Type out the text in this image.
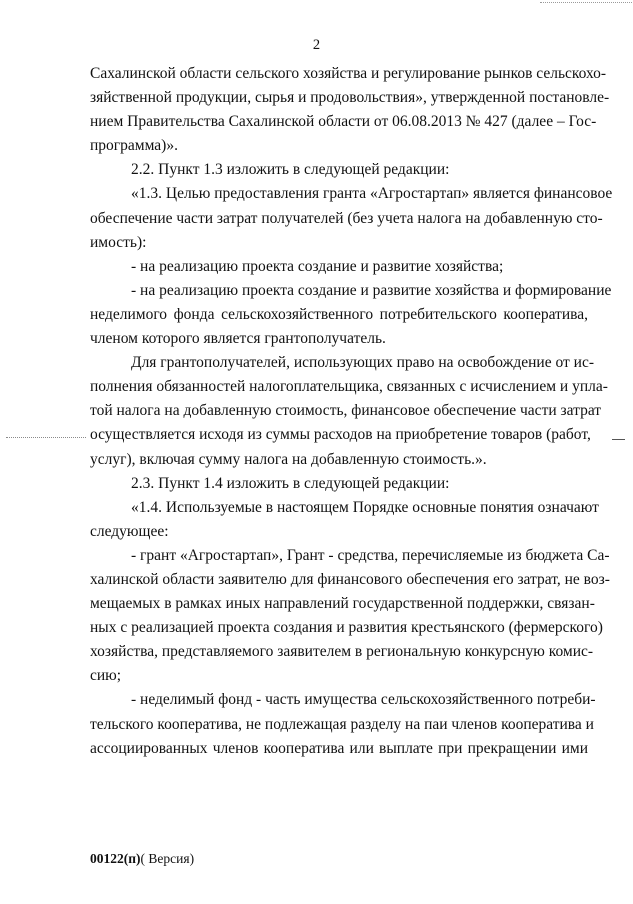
2
Сахалинской области сельского хозяйства и регулирование рынков сельскохо-
зяйственной продукции, сырья и продовольствия», утвержденной постановле-
нием Правительства Сахалинской области от 06.08.2013 № 427 (далее – Гос-
программа)».
2.2. Пункт 1.3 изложить в следующей редакции:
«1.3. Целью предоставления гранта «Агростартап» является финансовое
обеспечение части затрат получателей (без учета налога на добавленную сто-
имость):
- на реализацию проекта создание и развитие хозяйства;
- на реализацию проекта создание и развитие хозяйства и формирование
неделимого фонда сельскохозяйственного потребительского кооператива,
членом которого является грантополучатель.
Для грантополучателей, использующих право на освобождение от ис-
полнения обязанностей налогоплательщика, связанных с исчислением и упла-
той налога на добавленную стоимость, финансовое обеспечение части затрат
осуществляется исходя из суммы расходов на приобретение товаров (работ,
услуг), включая сумму налога на добавленную стоимость.».
2.3. Пункт 1.4 изложить в следующей редакции:
«1.4. Используемые в настоящем Порядке основные понятия означают
следующее:
- грант «Агростартап», Грант - средства, перечисляемые из бюджета Са-
халинской области заявителю для финансового обеспечения его затрат, не воз-
мещаемых в рамках иных направлений государственной поддержки, связан-
ных с реализацией проекта создания и развития крестьянского (фермерского)
хозяйства, представляемого заявителем в региональную конкурсную комис-
сию;
- неделимый фонд - часть имущества сельскохозяйственного потреби-
тельского кооператива, не подлежащая разделу на паи членов кооператива и
ассоциированных членов кооператива или выплате при прекращении ими
00122(п)( Версия)
